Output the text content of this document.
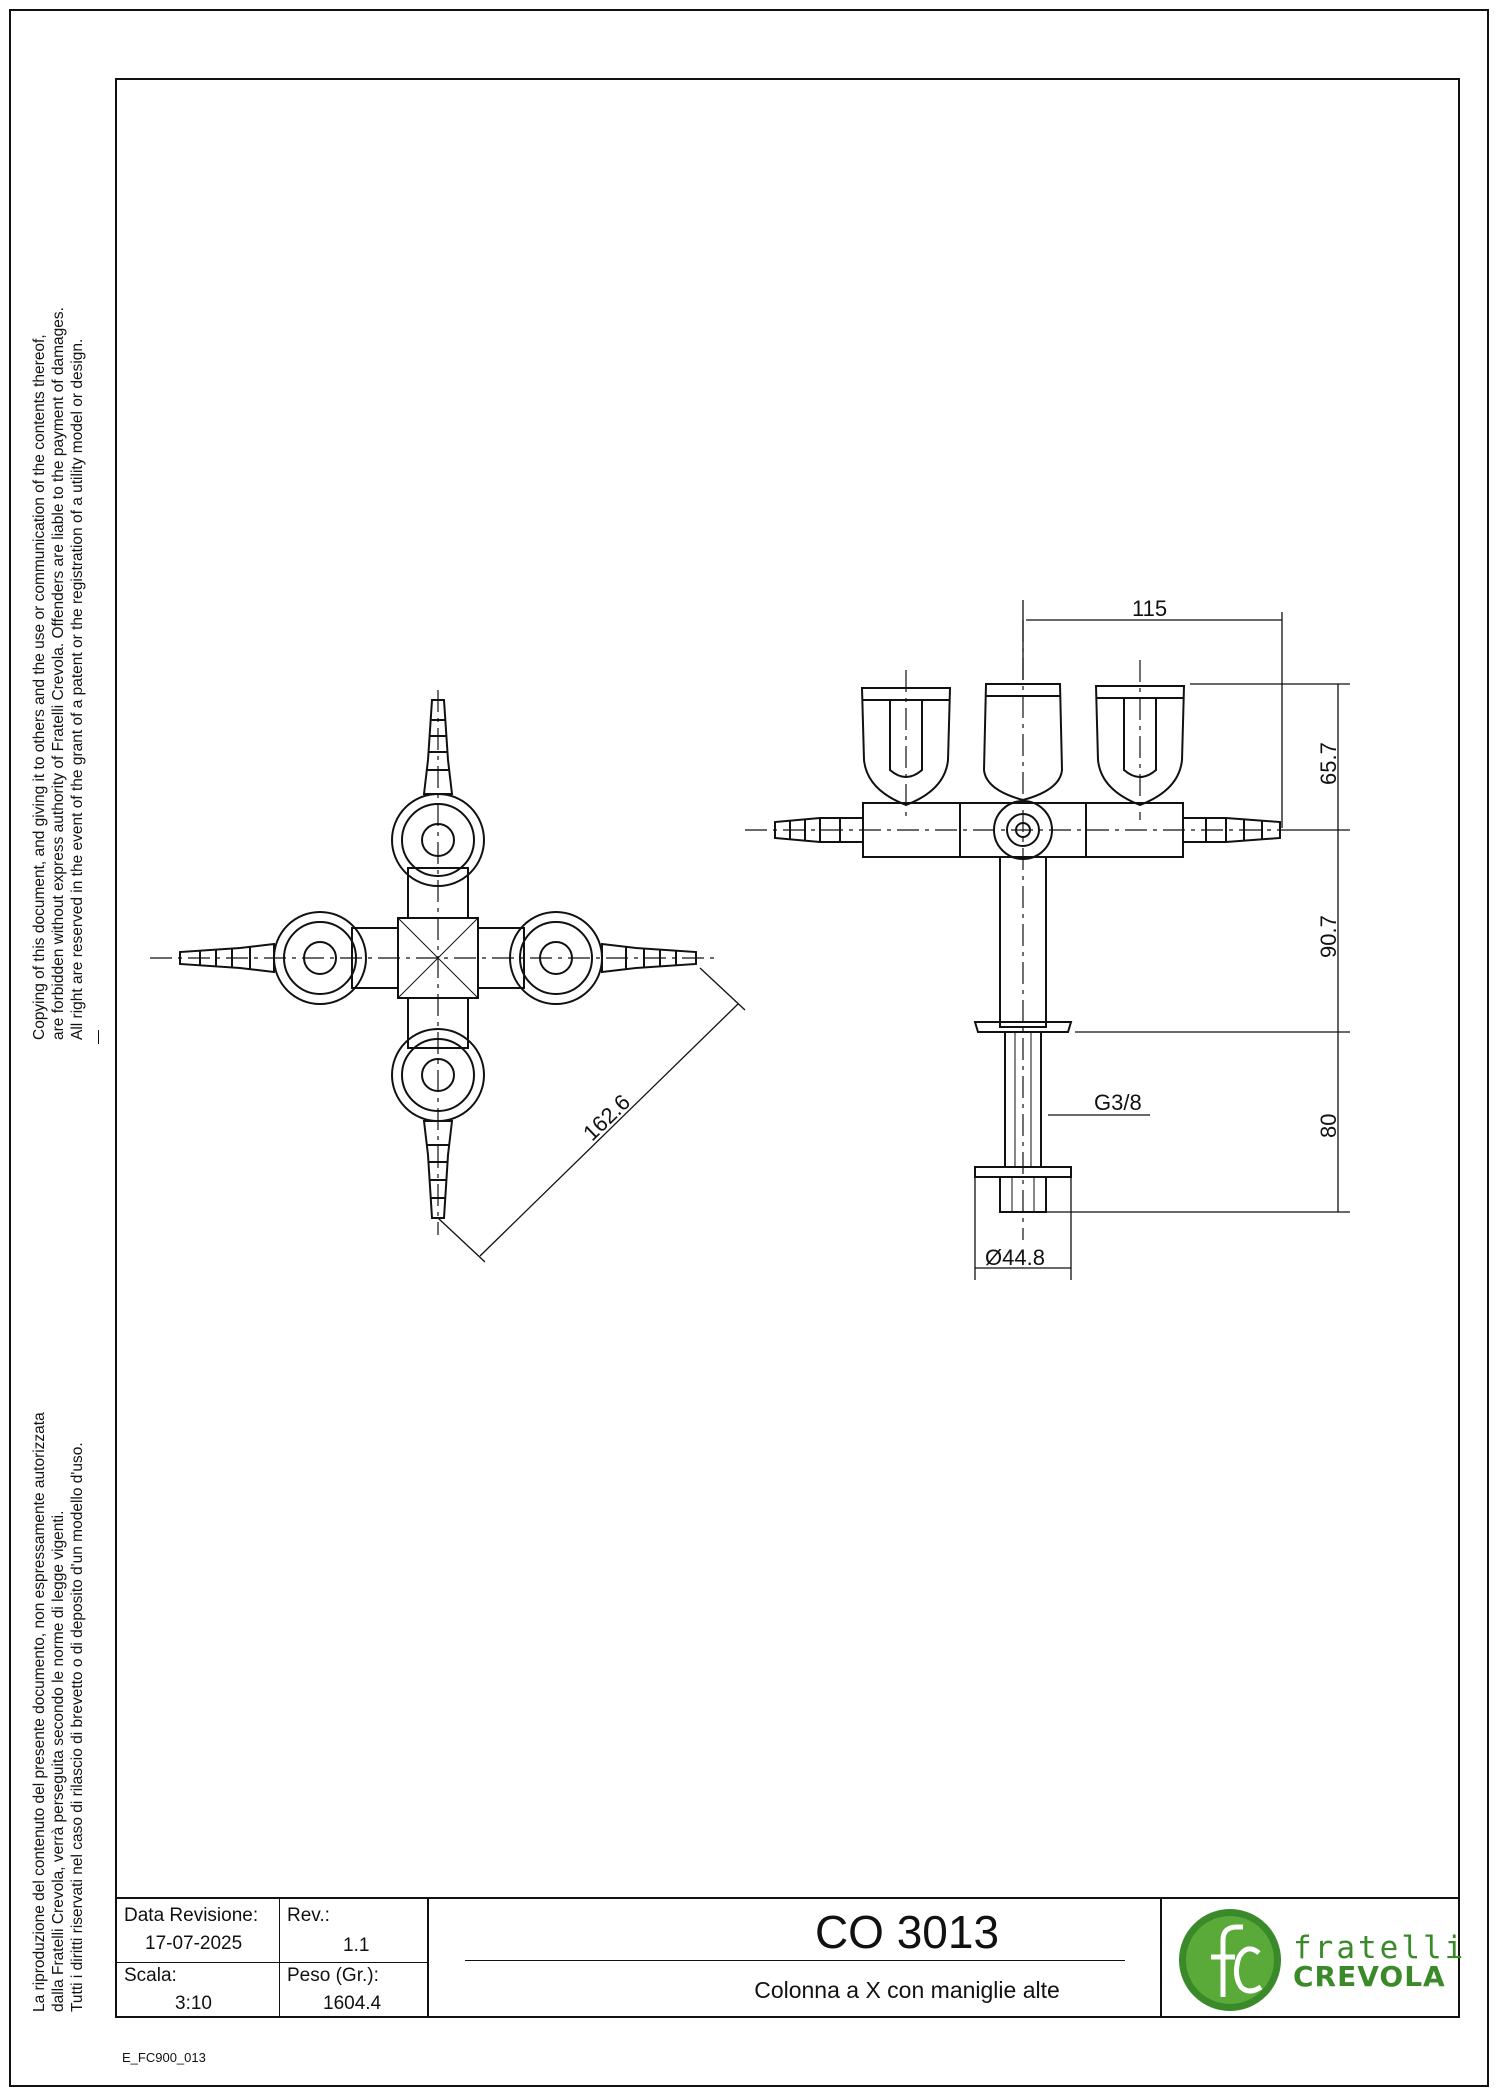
Copying of this document, and giving it to others and the use or communication of the contents thereof, are forbidden without express authority of Fratelli Crevola. Offenders are liable to the payment of damages. All right are reserved in the event of the grant of a patent or the registration of a utility model or design.
La riproduzione del contenuto del presente documento, non espressamente autorizzata dalla Fratelli Crevola, verrà perseguita secondo le norme di legge vigenti. Tutti i diritti riservati nel caso di rilascio di brevetto o di deposito d'un modello d'uso.
162.6
115
65.7
90.7
80
G3/8
Ø44.8
Data Revisione:
17-07-2025
Rev.:
1.1
Scala:
3:10
Peso (Gr.):
1604.4
CO 3013
Colonna a X con maniglie alte
fratelli
CREVOLA
E_FC900_013
